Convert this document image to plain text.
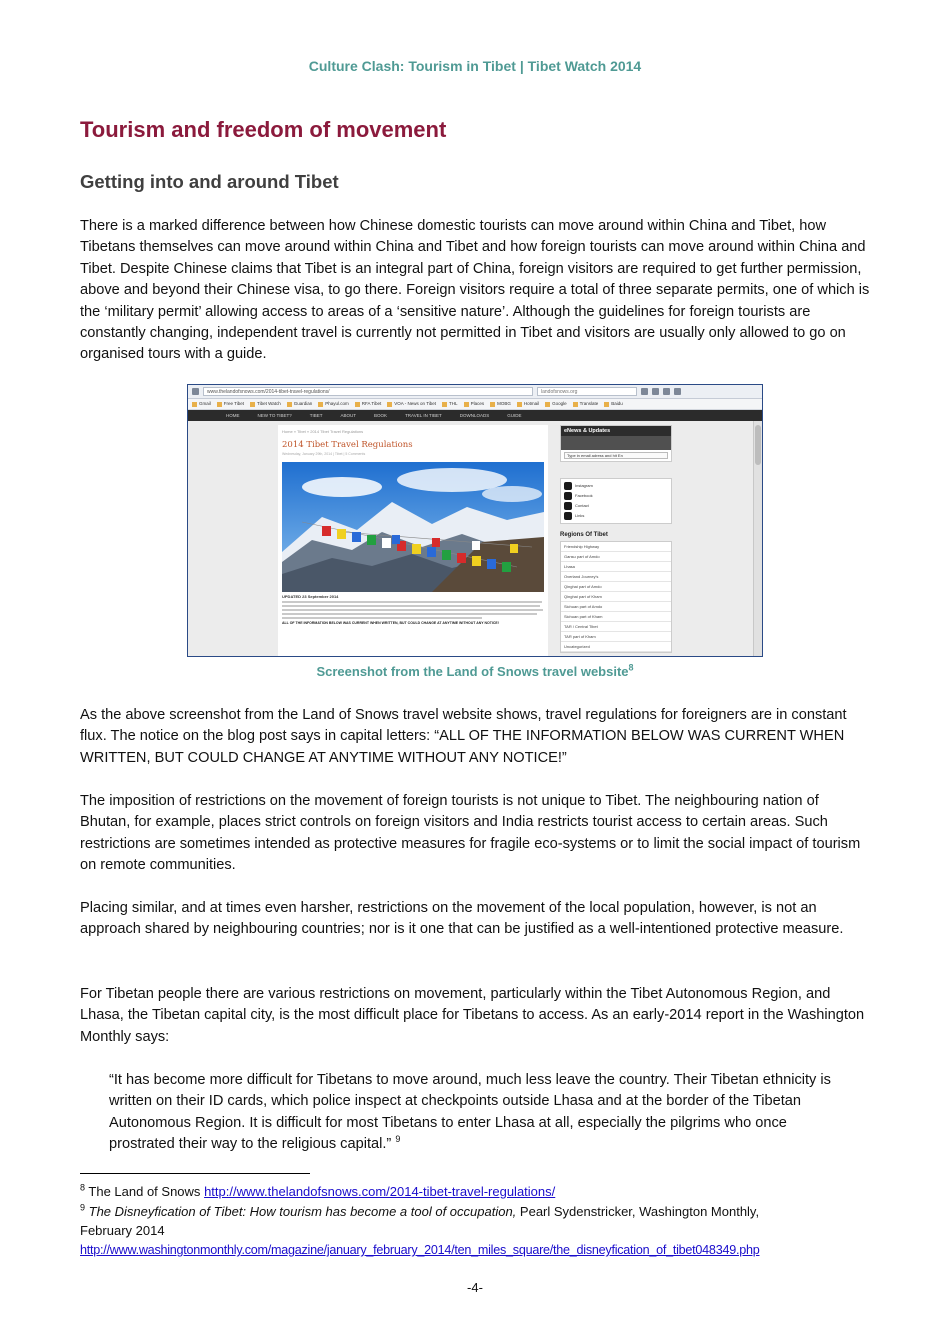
Culture Clash: Tourism in Tibet | Tibet Watch 2014
Tourism and freedom of movement
Getting into and around Tibet
There is a marked difference between how Chinese domestic tourists can move around within China and Tibet, how Tibetans themselves can move around within China and Tibet and how foreign tourists can move around within China and Tibet. Despite Chinese claims that Tibet is an integral part of China, foreign visitors are required to get further permission, above and beyond their Chinese visa, to go there. Foreign visitors require a total of three separate permits, one of which is the ‘military permit’ allowing access to areas of a ‘sensitive nature’. Although the guidelines for foreign tourists are constantly changing, independent travel is currently not permitted in Tibet and visitors are usually only allowed to go on organised tours with a guide.
www.thelandofsnows.com/2014-tibet-travel-regulations/	landofsnows.org
Gmail	Free Tibet	Tibet Watch	Guardian	Phayul.com	RFA Tibet	VOA - News on Tibet	THL	Places	MOBG	Hotmail	Google	Translate	Baidu
HOME	NEW TO TIBET?	TIBET	ABOUT	BOOK	TRAVEL IN TIBET	DOWNLOADS	GUIDE
Home » Tibet » 2014 Tibet Travel Regulations
2014 Tibet Travel Regulations
Wednesday, January 29th, 2014 | Tibet | 5 Comments
UPDATED 23 September 2014
ALL OF THE INFORMATION BELOW WAS CURRENT WHEN WRITTEN, BUT COULD CHANGE AT ANYTIME WITHOUT ANY NOTICE!
eNews & Updates
Type in email adress and hit En
Instagram
Facebook
Contact
Links
Regions Of Tibet
Friendship Highway
Gansu part of Amdo
Lhasa
Overland Journey's
Qinghai part of Amdo
Qinghai part of Kham
Sichuan part of Amdo
Sichuan part of Kham
TAR / Central Tibet
TAR part of Kham
Uncategorized
Screenshot from the Land of Snows travel website$^8$
As the above screenshot from the Land of Snows travel website shows, travel regulations for foreigners are in constant flux. The notice on the blog post says in capital letters: “ALL OF THE INFORMATION BELOW WAS CURRENT WHEN WRITTEN, BUT COULD CHANGE AT ANYTIME WITHOUT ANY NOTICE!”
The imposition of restrictions on the movement of foreign tourists is not unique to Tibet. The neighbouring nation of Bhutan, for example, places strict controls on foreign visitors and India restricts tourist access to certain areas. Such restrictions are sometimes intended as protective measures for fragile eco-systems or to limit the social impact of tourism on remote communities.
Placing similar, and at times even harsher, restrictions on the movement of the local population, however, is not an approach shared by neighbouring countries; nor is it one that can be justified as a well-intentioned protective measure.
For Tibetan people there are various restrictions on movement, particularly within the Tibet Autonomous Region, and Lhasa, the Tibetan capital city, is the most difficult place for Tibetans to access. As an early-2014 report in the Washington Monthly says:
“It has become more difficult for Tibetans to move around, much less leave the country. Their Tibetan ethnicity is written on their ID cards, which police inspect at checkpoints outside Lhasa and at the border of the Tibetan Autonomous Region. It is difficult for most Tibetans to enter Lhasa at all, especially the pilgrims who once prostrated their way to the religious capital.” $^9$
$^8$ The Land of Snows http://www.thelandofsnows.com/2014-tibet-travel-regulations/
$^9$ The Disneyfication of Tibet: How tourism has become a tool of occupation, Pearl Sydenstricker, Washington Monthly,
February 2014
http://www.washingtonmonthly.com/magazine/january_february_2014/ten_miles_square/the_disneyfication_of_tibet048349.php
-4-
